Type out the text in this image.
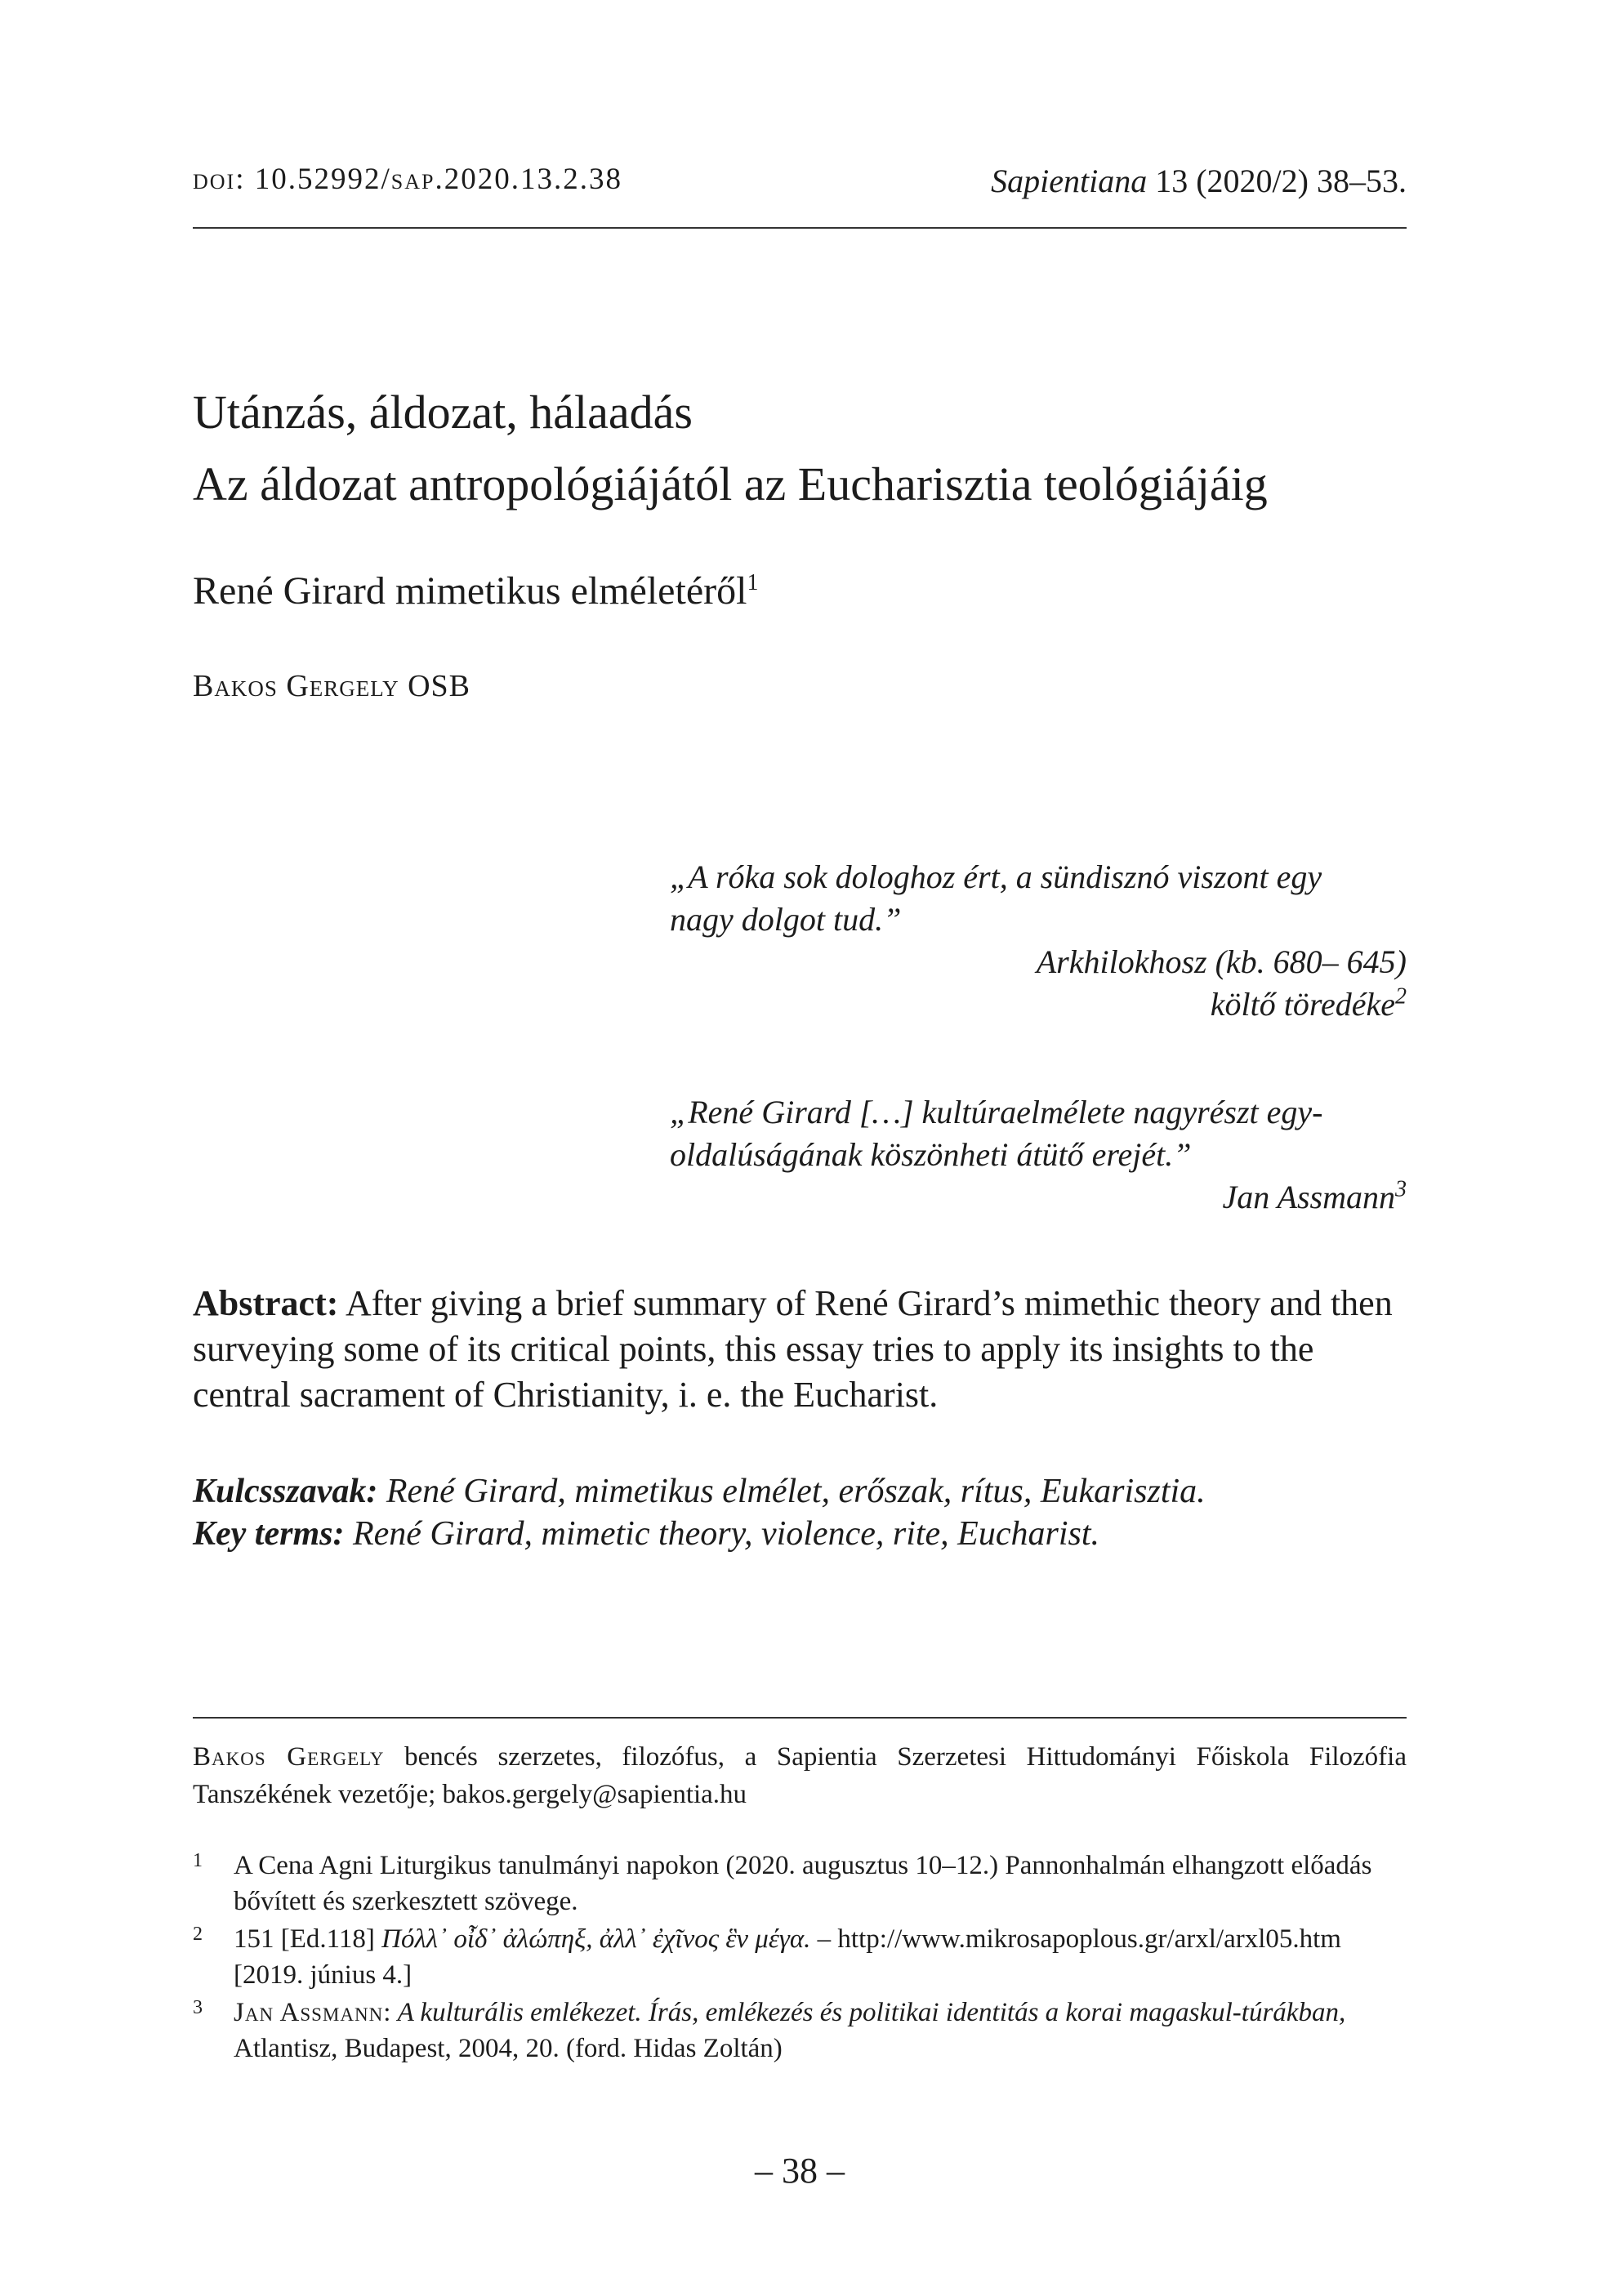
doi: 10.52992/sap.2020.13.2.38	Sapientiana 13 (2020/2) 38–53.
Utánzás, áldozat, hálaadás
Az áldozat antropológiájától az Eucharisztia teológiájáig
René Girard mimetikus elméletéről$^1$
Bakos Gergely OSB
„A róka sok dologhoz ért, a sündisznó viszont egy
nagy dolgot tud.”
Arkhilokhosz (kb. 680– 645)
költő töredéke$^2$
„René Girard […] kultúraelmélete nagyrészt egy-
oldalúságának köszönheti átütő erejét.”
Jan Assmann$^3$
Abstract: After giving a brief summary of René Girard’s mimethic theory and then surveying some of its critical points, this essay tries to apply its insights to the central sacrament of Christianity, i. e. the Eucharist.
Kulcsszavak: René Girard, mimetikus elmélet, erőszak, rítus, Eukarisztia.
Key terms: René Girard, mimetic theory, violence, rite, Eucharist.
Bakos Gergely bencés szerzetes, filozófus, a Sapientia Szerzetesi Hittudományi Főiskola Filozófia Tanszékének vezetője; bakos.gergely@sapientia.hu
1 A Cena Agni Liturgikus tanulmányi napokon (2020. augusztus 10–12.) Pannonhalmán elhangzott előadás bővített és szerkesztett szövege.
2 151 [Ed.118] Πόλλ᾽ οἶδ᾽ ἀλώπηξ, ἀλλ᾽ ἐχῖνος ἓν μέγα. – http://www.mikrosapoplous.gr/arxl/arxl05.htm [2019. június 4.]
3 Jan Assmann: A kulturális emlékezet. Írás, emlékezés és politikai identitás a korai magaskul-túrákban, Atlantisz, Budapest, 2004, 20. (ford. Hidas Zoltán)
– 38 –
